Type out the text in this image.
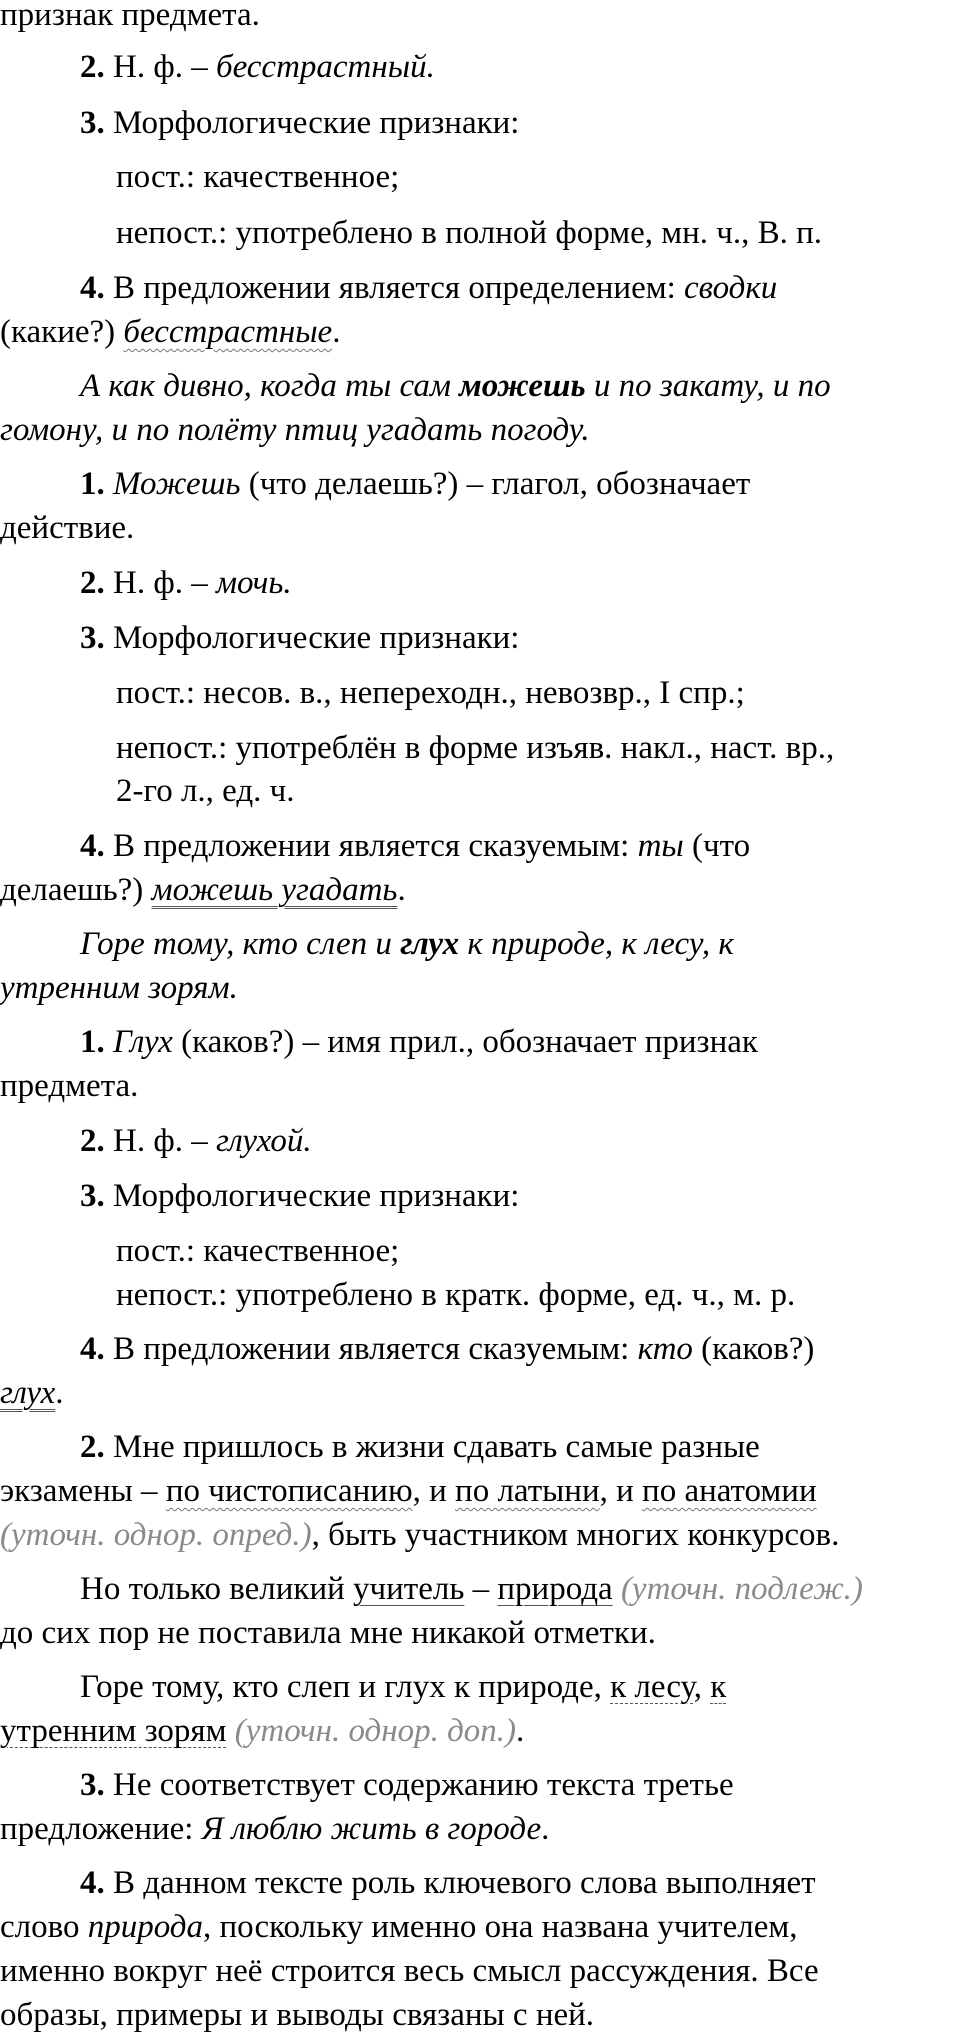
признак предмета.

2. Н. ф. – бесстрастный.

3. Морфологические признаки:

пост.: качественное;

непост.: употреблено в полной форме, мн. ч., В. п.

4. В предложении является определением: сводки

(какие?) бесстрастные.

А как дивно, когда ты сам можешь и по закату, и по

гомону, и по полёту птиц угадать погоду.

1. Можешь (что делаешь?) – глагол, обозначает

действие.

2. Н. ф. – мочь.

3. Морфологические признаки:

пост.: несов. в., непереходн., невозвр., I спр.;

непост.: употреблён в форме изъяв. накл., наст. вр.,

2-го л., ед. ч.

4. В предложении является сказуемым: ты (что

делаешь?) можешь угадать.

Горе тому, кто слеп и глух к природе, к лесу, к

утренним зорям.

1. Глух (каков?) – имя прил., обозначает признак

предмета.

2. Н. ф. – глухой.

3. Морфологические признаки:

пост.: качественное;

непост.: употреблено в кратк. форме, ед. ч., м. р.

4. В предложении является сказуемым: кто (каков?)

глух.

2. Мне пришлось в жизни сдавать самые разные

экзамены – по чистописанию, и по латыни, и по анатомии

(уточн. однор. опред.), быть участником многих конкурсов.

Но только великий учитель – природа (уточн. подлеж.)

до сих пор не поставила мне никакой отметки.

Горе тому, кто слеп и глух к природе, к лесу, к

утренним зорям (уточн. однор. доп.).

3. Не соответствует содержанию текста третье

предложение: Я люблю жить в городе.

4. В данном тексте роль ключевого слова выполняет

слово природа, поскольку именно она названа учителем,

именно вокруг неё строится весь смысл рассуждения. Все

образы, примеры и выводы связаны с ней.
